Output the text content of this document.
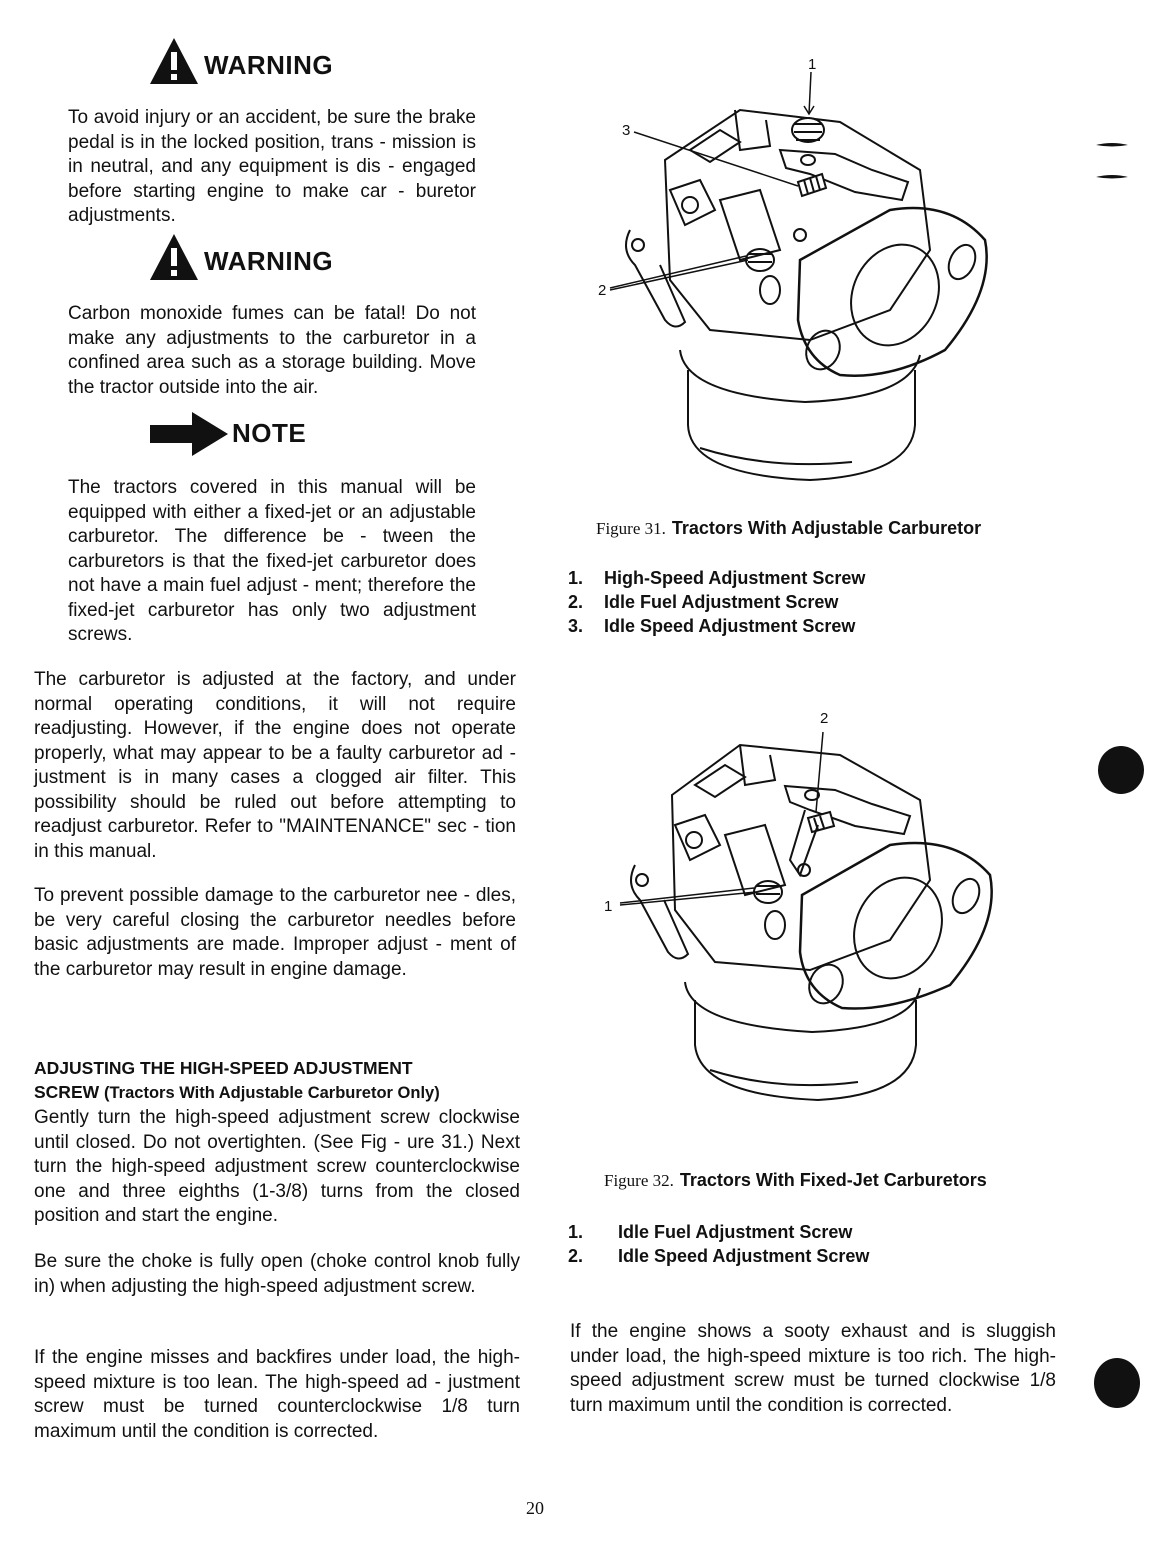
WARNING

To avoid injury or an accident, be sure the brake pedal is in the locked position, trans - mission is in neutral, and any equipment is dis - engaged before starting engine to make car - buretor adjustments.

WARNING

Carbon monoxide fumes can be fatal! Do not make any adjustments to the carburetor in a confined area such as a storage building. Move the tractor outside into the air.

NOTE

The tractors covered in this manual will be equipped with either a fixed-jet or an adjustable carburetor. The difference be - tween the carburetors is that the fixed-jet carburetor does not have a main fuel adjust - ment; therefore the fixed-jet carburetor has only two adjustment screws.

The carburetor is adjusted at the factory, and under normal operating conditions, it will not require readjusting. However, if the engine does not operate properly, what may appear to be a faulty carburetor ad - justment is in many cases a clogged air filter. This possibility should be ruled out before attempting to readjust carburetor. Refer to "MAINTENANCE" sec - tion in this manual.

To prevent possible damage to the carburetor nee - dles, be very careful closing the carburetor needles before basic adjustments are made. Improper adjust - ment of the carburetor may result in engine damage.

ADJUSTING THE HIGH-SPEED ADJUSTMENT
SCREW (Tractors With Adjustable Carburetor Only)

Gently turn the high-speed adjustment screw clockwise until closed. Do not overtighten. (See Fig - ure 31.) Next turn the high-speed adjustment screw counterclockwise one and three eighths (1-3/8) turns from the closed position and start the engine.

Be sure the choke is fully open (choke control knob fully in) when adjusting the high-speed adjustment screw.

If the engine misses and backfires under load, the high-speed mixture is too lean. The high-speed ad - justment screw must be turned counterclockwise 1/8 turn maximum until the condition is corrected.

If the engine shows a sooty exhaust and is sluggish under load, the high-speed mixture is too rich. The high-speed adjustment screw must be turned clockwise 1/8 turn maximum until the condition is corrected.

1
2
3
Figure 31. Tractors With Adjustable Carburetor
1.	High-Speed Adjustment Screw
2.	Idle Fuel Adjustment Screw
3.	Idle Speed Adjustment Screw
2
1
Figure 32. Tractors With Fixed-Jet Carburetors
1.	Idle Fuel Adjustment Screw
2.	Idle Speed Adjustment Screw
20
